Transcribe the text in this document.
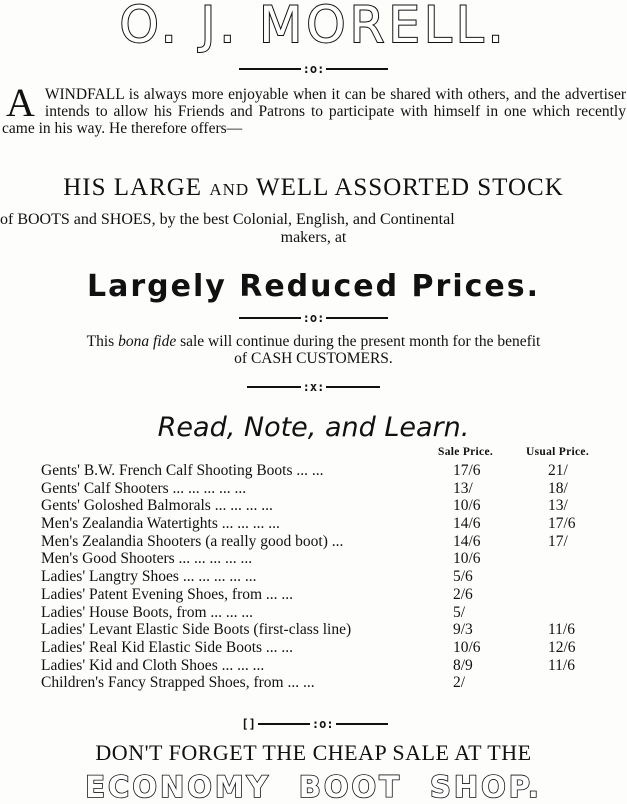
O. J. MORELL.
:o:
A WINDFALL is always more enjoyable when it can be shared with others, and the advertiser intends to allow his Friends and Patrons to participate with himself in one which recently came in his way. He therefore offers—
HIS LARGE AND WELL ASSORTED STOCK
of BOOTS and SHOES, by the best Colonial, English, and Continental
makers, at
Largely Reduced Prices.
:o:
This bona fide sale will continue during the present month for the benefit
of CASH CUSTOMERS.
:x:
Read, Note, and Learn.
Sale Price.	Usual Price.
Gents' B.W. French Calf Shooting Boots ... ...	17/6	21/
Gents' Calf Shooters ... ... ... ... ...	13/	18/
Gents' Goloshed Balmorals ... ... ... ...	10/6	13/
Men's Zealandia Watertights ... ... ... ...	14/6	17/6
Men's Zealandia Shooters (a really good boot) ...	14/6	17/
Men's Good Shooters ... ... ... ... ...	10/6
Ladies' Langtry Shoes ... ... ... ... ...	5/6
Ladies' Patent Evening Shoes, from ... ...	2/6
Ladies' House Boots, from ... ... ...	5/
Ladies' Levant Elastic Side Boots (first-class line)	9/3	11/6
Ladies' Real Kid Elastic Side Boots ... ...	10/6	12/6
Ladies' Kid and Cloth Shoes ... ... ...	8/9	11/6
Children's Fancy Strapped Shoes, from ... ...	2/
[]	:o:
DON'T FORGET THE CHEAP SALE AT THE
ECONOMY BOOT SHOP.
